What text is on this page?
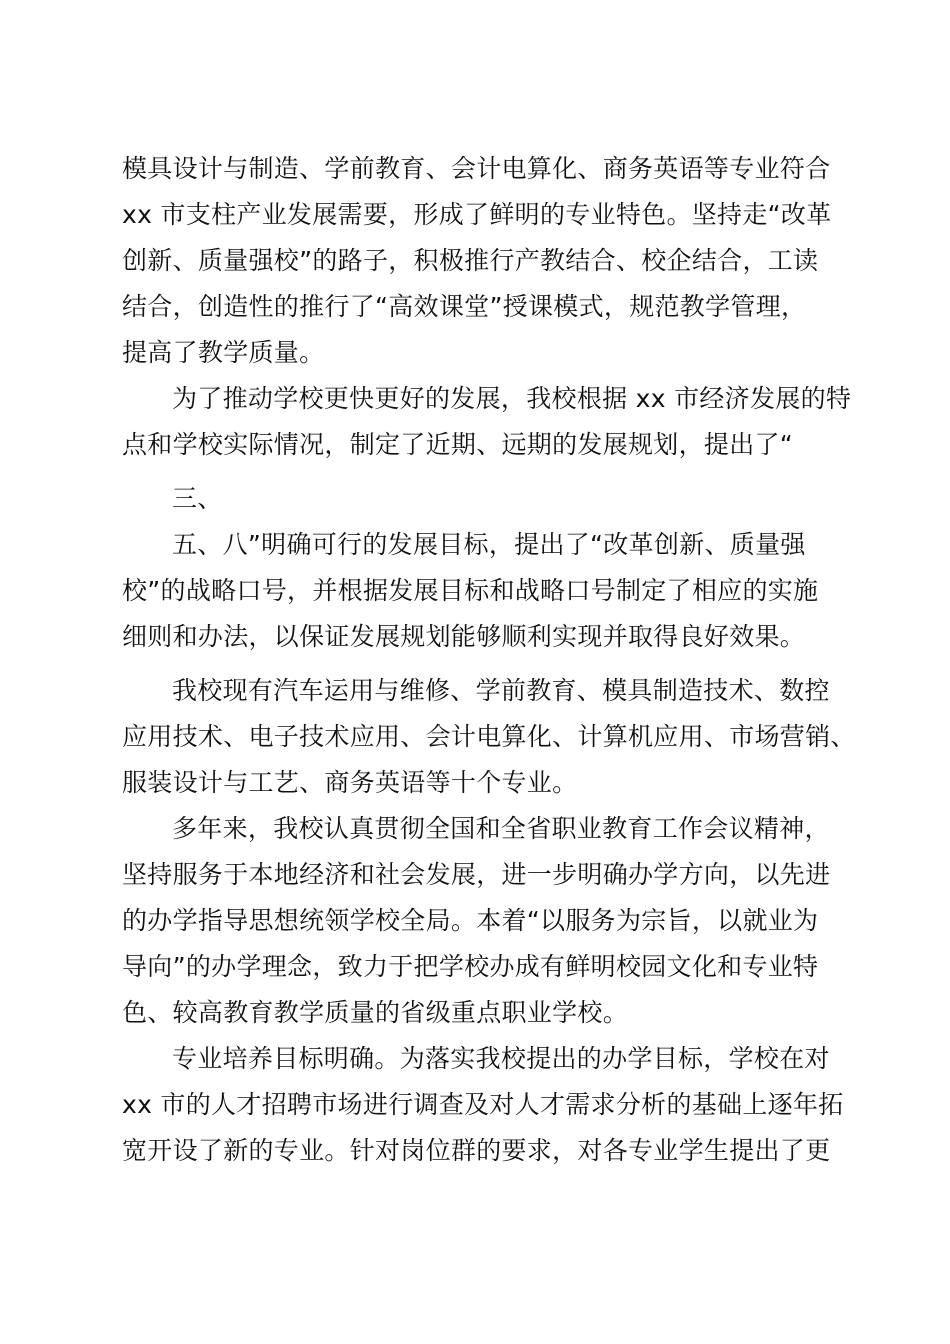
模具设计与制造、学前教育、会计电算化、商务英语等专业符合
xx 市支柱产业发展需要，形成了鲜明的专业特色。坚持走“改革
创新、质量强校”的路子，积极推行产教结合、校企结合，工读
结合，创造性的推行了“高效课堂”授课模式，规范教学管理，
提高了教学质量。
为了推动学校更快更好的发展，我校根据 xx 市经济发展的特
点和学校实际情况，制定了近期、远期的发展规划，提出了“
三、
五、八”明确可行的发展目标，提出了“改革创新、质量强
校”的战略口号，并根据发展目标和战略口号制定了相应的实施
细则和办法，以保证发展规划能够顺利实现并取得良好效果。
我校现有汽车运用与维修、学前教育、模具制造技术、数控
应用技术、电子技术应用、会计电算化、计算机应用、市场营销、
服装设计与工艺、商务英语等十个专业。
多年来，我校认真贯彻全国和全省职业教育工作会议精神，
坚持服务于本地经济和社会发展，进一步明确办学方向，以先进
的办学指导思想统领学校全局。本着“以服务为宗旨，以就业为
导向”的办学理念，致力于把学校办成有鲜明校园文化和专业特
色、较高教育教学质量的省级重点职业学校。
专业培养目标明确。为落实我校提出的办学目标，学校在对
xx 市的人才招聘市场进行调查及对人才需求分析的基础上逐年拓
宽开设了新的专业。针对岗位群的要求，对各专业学生提出了更
